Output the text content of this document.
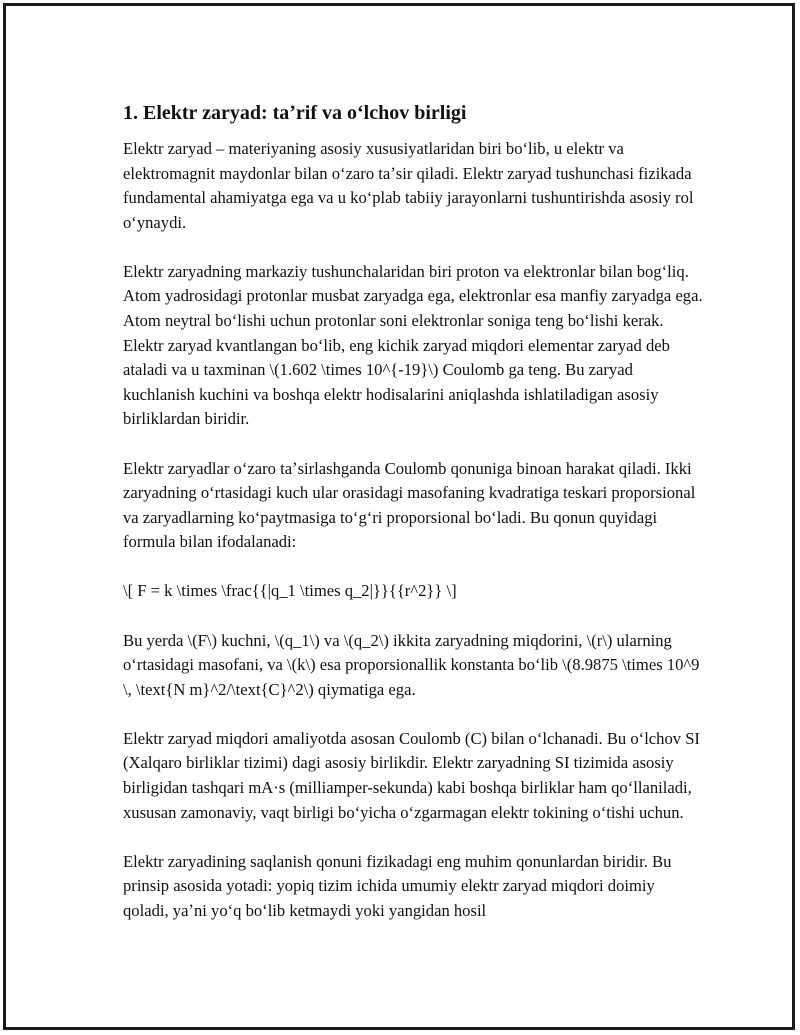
1. Elektr zaryad: taʼrif va oʻlchov birligi

Elektr zaryad – materiyaning asosiy xususiyatlaridan biri boʻlib, u elektr va elektromagnit maydonlar bilan oʻzaro taʼsir qiladi. Elektr zaryad tushunchasi fizikada fundamental ahamiyatga ega va u koʻplab tabiiy jarayonlarni tushuntirishda asosiy rol oʻynaydi.

Elektr zaryadning markaziy tushunchalaridan biri proton va elektronlar bilan bogʻliq. Atom yadrosidagi protonlar musbat zaryadga ega, elektronlar esa manfiy zaryadga ega. Atom neytral boʻlishi uchun protonlar soni elektronlar soniga teng boʻlishi kerak. Elektr zaryad kvantlangan boʻlib, eng kichik zaryad miqdori elementar zaryad deb ataladi va u taxminan \(1.602 \times 10^{-19}\) Coulomb ga teng. Bu zaryad kuchlanish kuchini va boshqa elektr hodisalarini aniqlashda ishlatiladigan asosiy birliklardan biridir.

Elektr zaryadlar oʻzaro taʼsirlashganda Coulomb qonuniga binoan harakat qiladi. Ikki zaryadning oʻrtasidagi kuch ular orasidagi masofaning kvadratiga teskari proporsional va zaryadlarning koʻpaytmasiga toʻgʻri proporsional boʻladi. Bu qonun quyidagi formula bilan ifodalanadi:

\[ F = k \times \frac{{|q_1 \times q_2|}}{{r^2}} \]

Bu yerda \(F\) kuchni, \(q_1\) va \(q_2\) ikkita zaryadning miqdorini, \(r\) ularning oʻrtasidagi masofani, va \(k\) esa proporsionallik konstanta boʻlib \(8.9875 \times 10^9 \, \text{N m}^2/\text{C}^2\) qiymatiga ega.

Elektr zaryad miqdori amaliyotda asosan Coulomb (C) bilan oʻlchanadi. Bu oʻlchov SI (Xalqaro birliklar tizimi) dagi asosiy birlikdir. Elektr zaryadning SI tizimida asosiy birligidan tashqari mA·s (milliamper-sekunda) kabi boshqa birliklar ham qoʻllaniladi, xususan zamonaviy, vaqt birligi boʻyicha oʻzgarmagan elektr tokining oʻtishi uchun.

Elektr zaryadining saqlanish qonuni fizikadagi eng muhim qonunlardan biridir. Bu prinsip asosida yotadi: yopiq tizim ichida umumiy elektr zaryad miqdori doimiy qoladi, yaʼni yoʻq boʻlib ketmaydi yoki yangidan hosil
